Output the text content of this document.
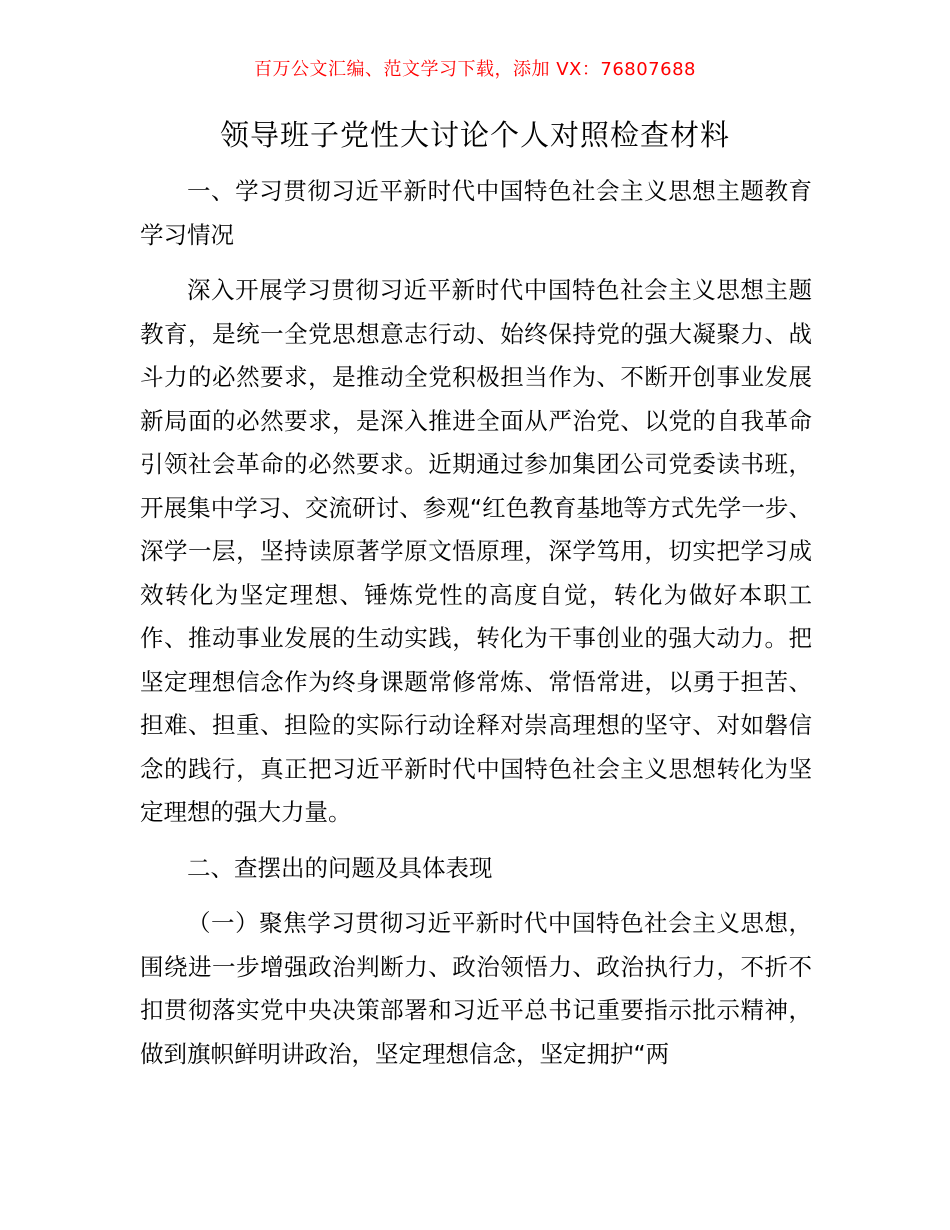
百万公文汇编、范文学习下载，添加 VX：76807688
领导班子党性大讨论个人对照检查材料

一、学习贯彻习近平新时代中国特色社会主义思想主题教育学习情况

深入开展学习贯彻习近平新时代中国特色社会主义思想主题教育，是统一全党思想意志行动、始终保持党的强大凝聚力、战斗力的必然要求，是推动全党积极担当作为、不断开创事业发展新局面的必然要求，是深入推进全面从严治党、以党的自我革命引领社会革命的必然要求。近期通过参加集团公司党委读书班，开展集中学习、交流研讨、参观“红色教育基地等方式先学一步、深学一层，坚持读原著学原文悟原理，深学笃用，切实把学习成效转化为坚定理想、锤炼党性的高度自觉，转化为做好本职工作、推动事业发展的生动实践，转化为干事创业的强大动力。把坚定理想信念作为终身课题常修常炼、常悟常进，以勇于担苦、担难、担重、担险的实际行动诠释对崇高理想的坚守、对如磐信念的践行，真正把习近平新时代中国特色社会主义思想转化为坚定理想的强大力量。

二、查摆出的问题及具体表现

（一）聚焦学习贯彻习近平新时代中国特色社会主义思想，围绕进一步增强政治判断力、政治领悟力、政治执行力，不折不扣贯彻落实党中央决策部署和习近平总书记重要指示批示精神，做到旗帜鲜明讲政治，坚定理想信念，坚定拥护“两
